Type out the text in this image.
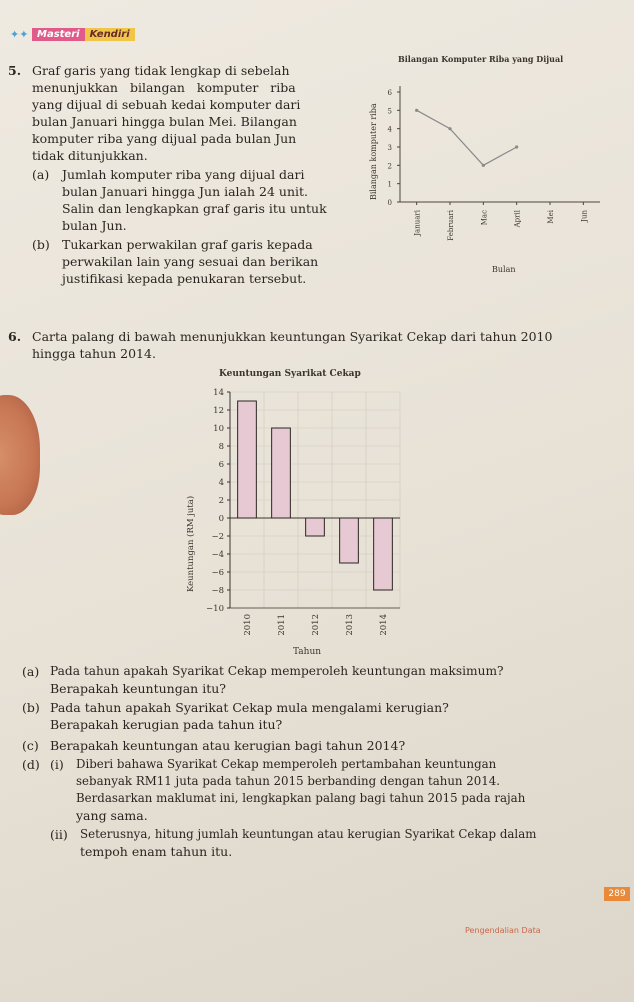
✦✦ Masteri	Kendiri
5. Graf garis yang tidak lengkap di sebelah
menunjukkan bilangan komputer riba
yang dijual di sebuah kedai komputer dari
bulan Januari hingga bulan Mei. Bilangan
komputer riba yang dijual pada bulan Jun
tidak ditunjukkan.
(a) Jumlah komputer riba yang dijual dari
bulan Januari hingga Jun ialah 24 unit.
Salin dan lengkapkan graf garis itu untuk
bulan Jun.
(b) Tukarkan perwakilan graf garis kepada
perwakilan lain yang sesuai dan berikan
justifikasi kepada penukaran tersebut.
Bilangan Komputer Riba yang Dijual
Bilangan komputer riba
Bulan
0
1
2
3
4
5
6
Januari	Februari	Mac	April	Mei	Jun
6. Carta palang di bawah menunjukkan keuntungan Syarikat Cekap dari tahun 2010
hingga tahun 2014.
Keuntungan Syarikat Cekap
Keuntungan (RM juta)
Tahun
14
12
10
8
6
4
2
0
−2
−4
−6
−8
−10
2010	2011	2012	2013	2014
(a) Pada tahun apakah Syarikat Cekap memperoleh keuntungan maksimum?
Berapakah keuntungan itu?
(b) Pada tahun apakah Syarikat Cekap mula mengalami kerugian?
Berapakah kerugian pada tahun itu?
(c) Berapakah keuntungan atau kerugian bagi tahun 2014?
(d) (i) Diberi bahawa Syarikat Cekap memperoleh pertambahan keuntungan
sebanyak RM11 juta pada tahun 2015 berbanding dengan tahun 2014.
Berdasarkan maklumat ini, lengkapkan palang bagi tahun 2015 pada rajah
yang sama.
(ii) Seterusnya, hitung jumlah keuntungan atau kerugian Syarikat Cekap dalam
tempoh enam tahun itu.
289
Pengendalian Data
